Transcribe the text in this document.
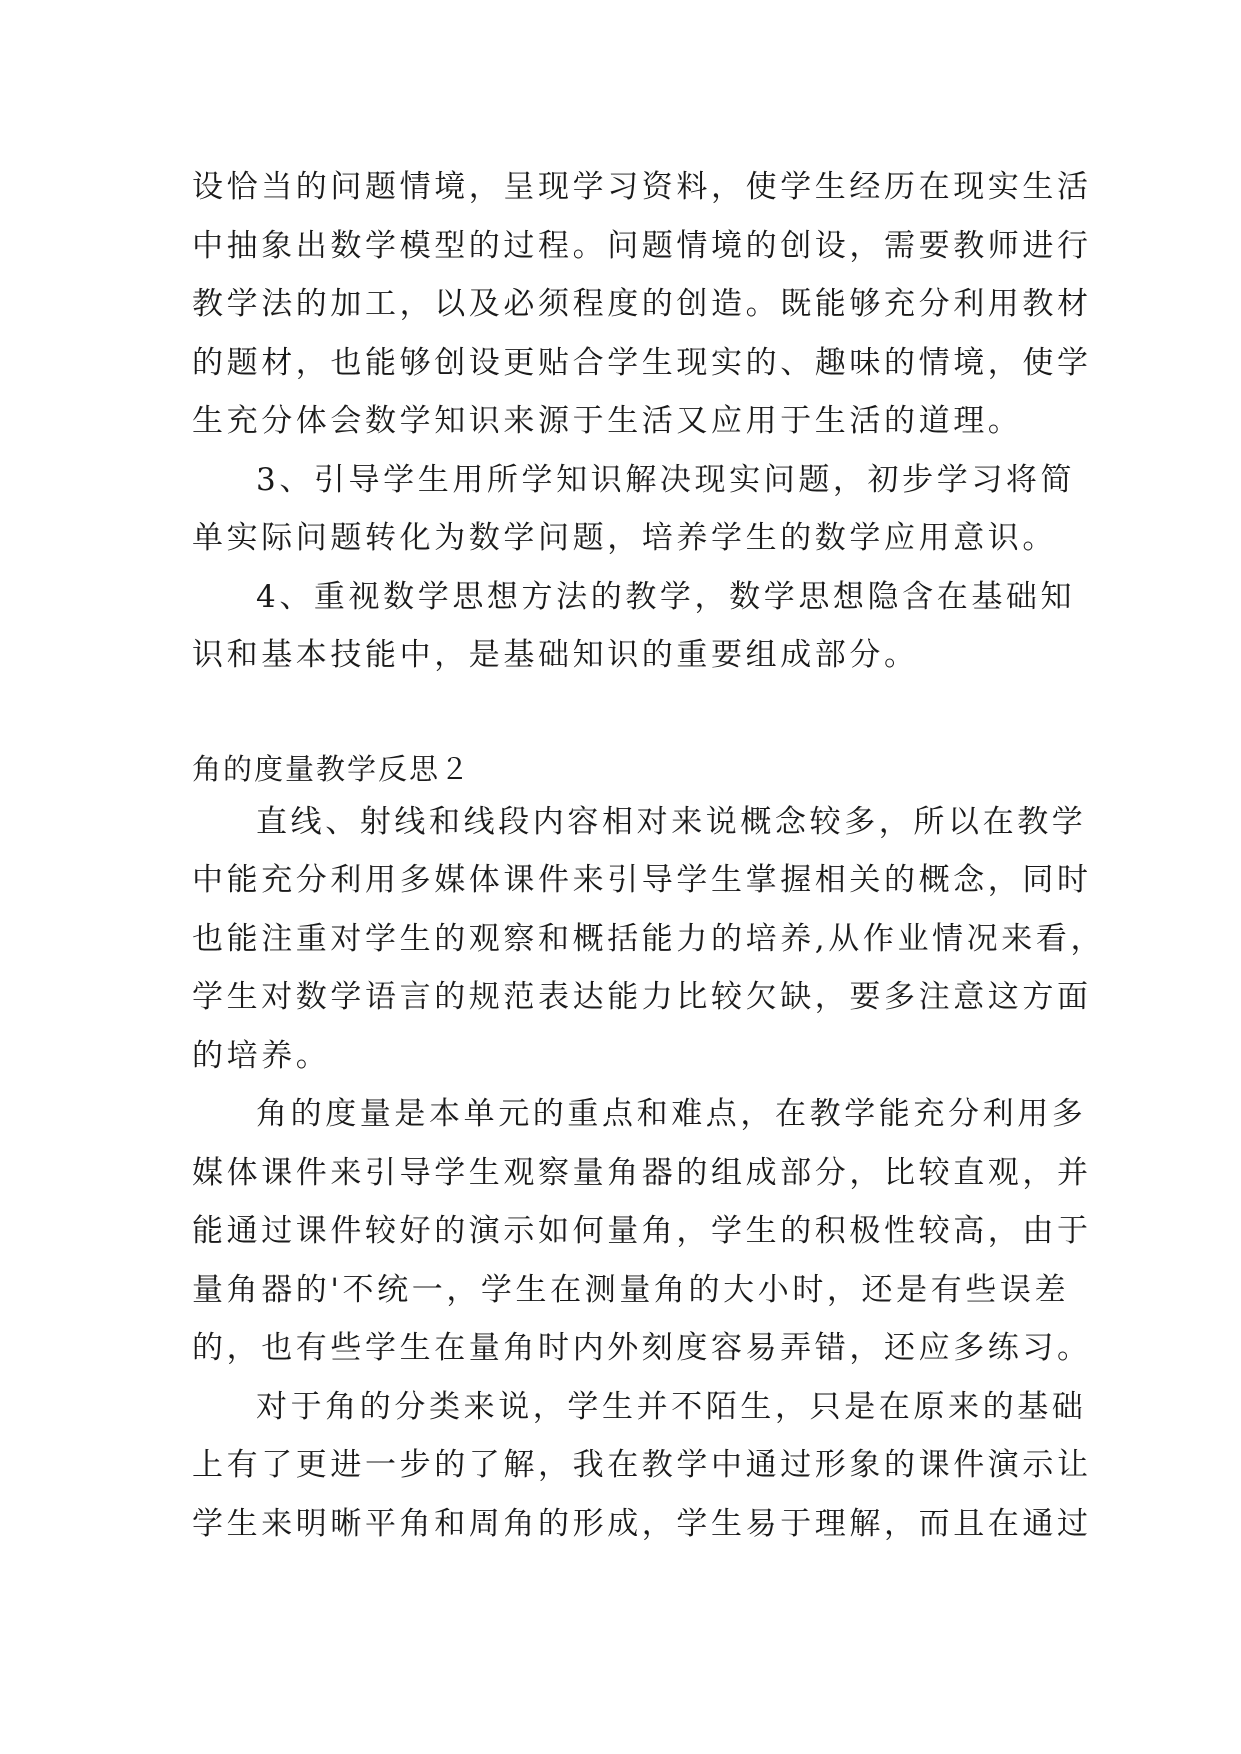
设恰当的问题情境，呈现学习资料，使学生经历在现实生活
中抽象出数学模型的过程。问题情境的创设，需要教师进行
教学法的加工，以及必须程度的创造。既能够充分利用教材
的题材，也能够创设更贴合学生现实的、趣味的情境，使学
生充分体会数学知识来源于生活又应用于生活的道理。
3、引导学生用所学知识解决现实问题，初步学习将简
单实际问题转化为数学问题，培养学生的数学应用意识。
4、重视数学思想方法的教学，数学思想隐含在基础知
识和基本技能中，是基础知识的重要组成部分。
角的度量教学反思２
直线、射线和线段内容相对来说概念较多，所以在教学
中能充分利用多媒体课件来引导学生掌握相关的概念，同时
也能注重对学生的观察和概括能力的培养,从作业情况来看，
学生对数学语言的规范表达能力比较欠缺，要多注意这方面
的培养。
角的度量是本单元的重点和难点，在教学能充分利用多
媒体课件来引导学生观察量角器的组成部分，比较直观，并
能通过课件较好的演示如何量角，学生的积极性较高，由于
量角器的'不统一，学生在测量角的大小时，还是有些误差
的，也有些学生在量角时内外刻度容易弄错，还应多练习。
对于角的分类来说，学生并不陌生，只是在原来的基础
上有了更进一步的了解，我在教学中通过形象的课件演示让
学生来明晰平角和周角的形成，学生易于理解，而且在通过
